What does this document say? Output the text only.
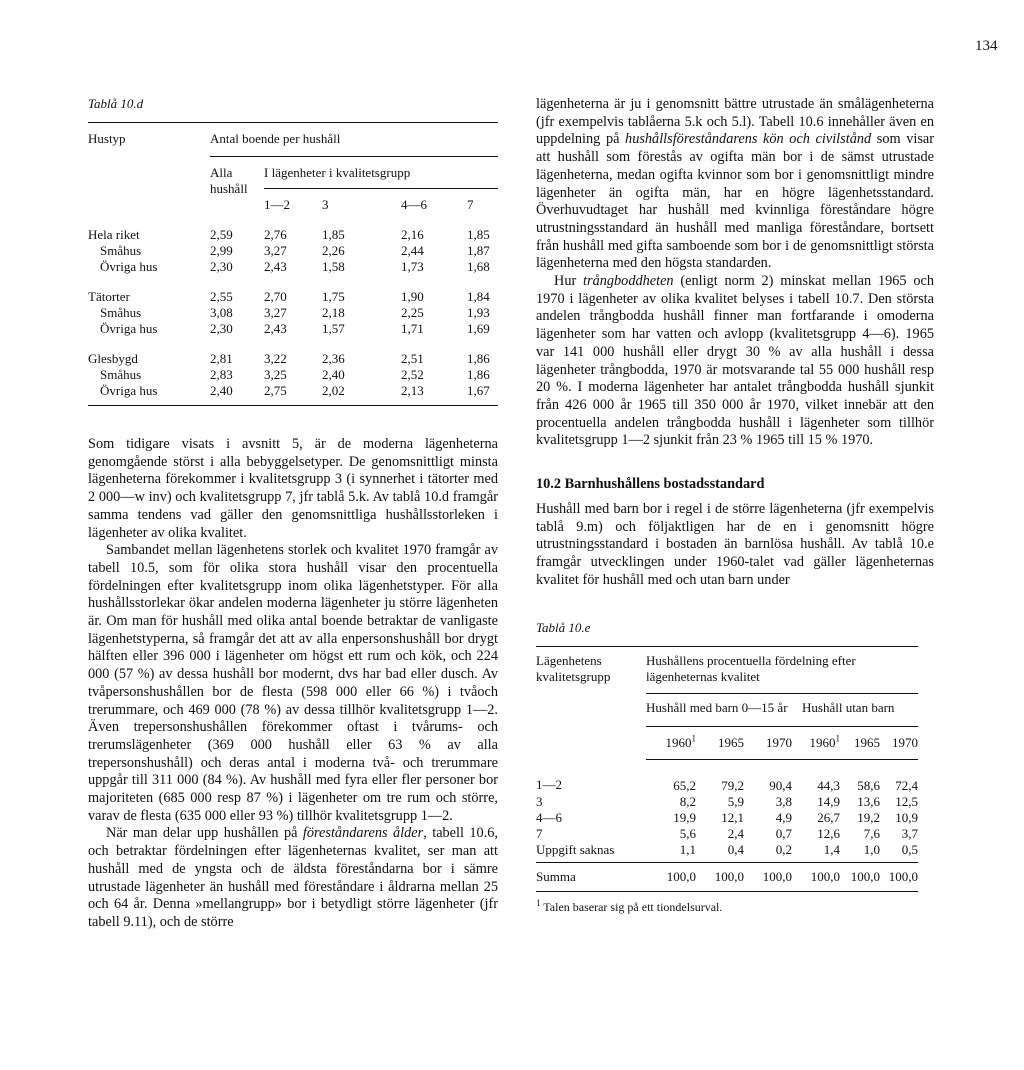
134
Tablå 10.d
Hustyp	Antal boende per hushåll				
	Alla hushåll	I lägenheter i kvalitetsgrupp			
		1—2	3	4—6	7
Hela riket	2,59	2,76	1,85	2,16	1,85
Småhus	2,99	3,27	2,26	2,44	1,87
Övriga hus	2,30	2,43	1,58	1,73	1,68
Tätorter	2,55	2,70	1,75	1,90	1,84
Småhus	3,08	3,27	2,18	2,25	1,93
Övriga hus	2,30	2,43	1,57	1,71	1,69
Glesbygd	2,81	3,22	2,36	2,51	1,86
Småhus	2,83	3,25	2,40	2,52	1,86
Övriga hus	2,40	2,75	2,02	2,13	1,67

Som tidigare visats i avsnitt 5, är de moderna lägenheterna genomgående störst i alla bebyggelsetyper. De genomsnittligt minsta lägenheterna förekommer i kvalitetsgrupp 3 (i synnerhet i tätorter med 2 000—w inv) och kvalitetsgrupp 7, jfr tablå 5.k. Av tablå 10.d framgår samma tendens vad gäller den genomsnittliga hushållsstorleken i lägenheter av olika kvalitet.

Sambandet mellan lägenhetens storlek och kvalitet 1970 framgår av tabell 10.5, som för olika stora hushåll visar den procentuella fördelningen efter kvalitetsgrupp inom olika lägenhetstyper. För alla hushållsstorlekar ökar andelen moderna lägenheter ju större lägenheten är. Om man för hushåll med olika antal boende betraktar de vanligaste lägenhetstyperna, så framgår det att av alla enpersonshushåll bor drygt hälften eller 396 000 i lägenheter om högst ett rum och kök, och 224 000 (57 %) av dessa hushåll bor modernt, dvs har bad eller dusch. Av tvåpersonshushållen bor de flesta (598 000 eller 66 %) i tvåoch trerummare, och 469 000 (78 %) av dessa tillhör kvalitetsgrupp 1—2. Även trepersonshushållen förekommer oftast i tvårums- och trerumslägenheter (369 000 hushåll eller 63 % av alla trepersonshushåll) och deras antal i moderna två- och trerummare uppgår till 311 000 (84 %). Av hushåll med fyra eller fler personer bor majoriteten (685 000 resp 87 %) i lägenheter om tre rum och större, varav de flesta (635 000 eller 93 %) tillhör kvalitetsgrupp 1—2.

När man delar upp hushållen på föreståndarens ålder, tabell 10.6, och betraktar fördelningen efter lägenheternas kvalitet, ser man att hushåll med de yngsta och de äldsta föreståndarna bor i sämre utrustade lägenheter än hushåll med föreståndare i åldrarna mellan 25 och 64 år. Denna »mellangrupp» bor i betydligt större lägenheter (jfr tabell 9.11), och de större

lägenheterna är ju i genomsnitt bättre utrustade än smålägenheterna (jfr exempelvis tablåerna 5.k och 5.l). Tabell 10.6 innehåller även en uppdelning på hushållsföreståndarens kön och civilstånd som visar att hushåll som förestås av ogifta män bor i de sämst utrustade lägenheterna, medan ogifta kvinnor som bor i genomsnittligt mindre lägenheter än ogifta män, har en högre lägenhetsstandard. Överhuvudtaget har hushåll med kvinnliga föreståndare högre utrustningsstandard än hushåll med manliga föreståndare, bortsett från hushåll med gifta samboende som bor i de genomsnittligt största lägenheterna med den högsta standarden.

Hur trångboddheten (enligt norm 2) minskat mellan 1965 och 1970 i lägenheter av olika kvalitet belyses i tabell 10.7. Den största andelen trångbodda hushåll finner man fortfarande i omoderna lägenheter som har vatten och avlopp (kvalitetsgrupp 4—6). 1965 var 141 000 hushåll eller drygt 30 % av alla hushåll i dessa lägenheter trångbodda, 1970 är motsvarande tal 55 000 hushåll resp 20 %. I moderna lägenheter har antalet trångbodda hushåll sjunkit från 426 000 år 1965 till 350 000 år 1970, vilket innebär att den procentuella andelen trångbodda hushåll i lägenheter som tillhör kvalitetsgrupp 1—2 sjunkit från 23 % 1965 till 15 % 1970.

10.2 Barnhushållens bostadsstandard

Hushåll med barn bor i regel i de större lägenheterna (jfr exempelvis tablå 9.m) och följaktligen har de en i genomsnitt högre utrustningsstandard i bostaden än barnlösa hushåll. Av tablå 10.e framgår utvecklingen under 1960-talet vad gäller lägenheternas kvalitet för hushåll med och utan barn under

Tablå 10.e
Lägenhetens kvalitetsgrupp	Hushållens procentuella fördelning efter lägenheternas kvalitet					
	Hushåll med barn 0—15 år			Hushåll utan barn		
	1960$^1$	1965	1970	1960$^1$	1965	1970
1—2	65,2	79,2	90,4	44,3	58,6	72,4
3	8,2	5,9	3,8	14,9	13,6	12,5
4—6	19,9	12,1	4,9	26,7	19,2	10,9
7	5,6	2,4	0,7	12,6	7,6	3,7
Uppgift saknas	1,1	0,4	0,2	1,4	1,0	0,5
Summa	100,0	100,0	100,0	100,0	100,0	100,0
$^1$ Talen baserar sig på ett tiondelsurval.
